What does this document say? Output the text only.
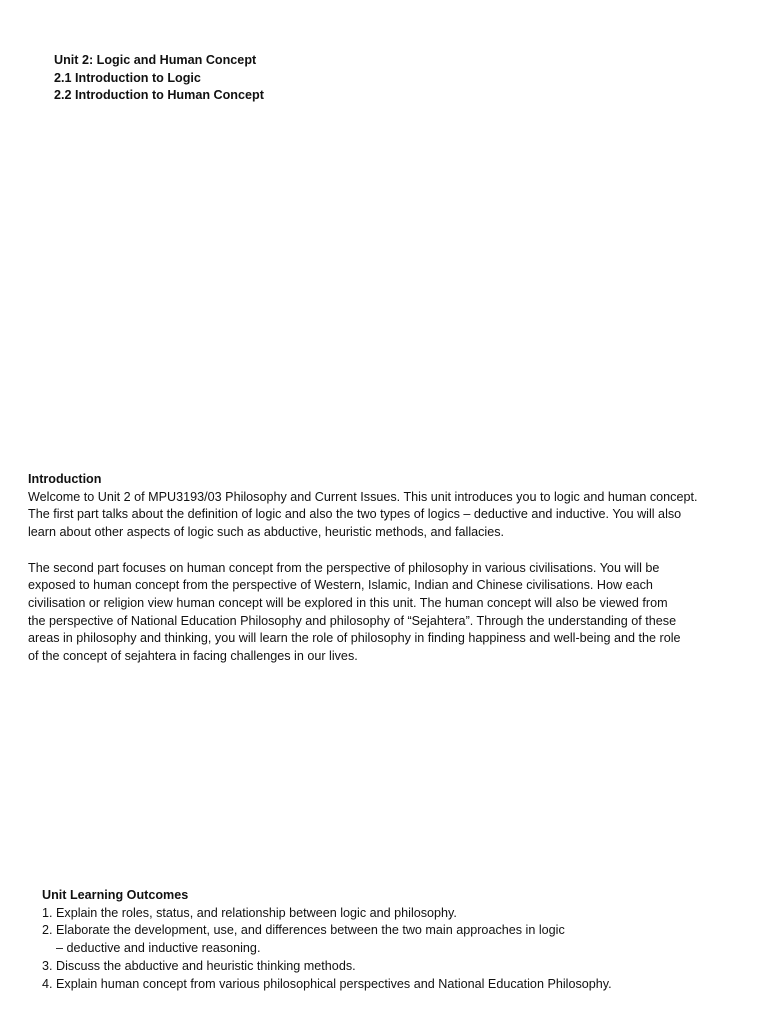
Unit 2: Logic and Human Concept
2.1 Introduction to Logic
2.2 Introduction to Human Concept
Introduction
Welcome to Unit 2 of MPU3193/03 Philosophy and Current Issues. This unit introduces you to logic and human concept.
The first part talks about the definition of logic and also the two types of logics – deductive and inductive. You will also
learn about other aspects of logic such as abductive, heuristic methods, and fallacies.
The second part focuses on human concept from the perspective of philosophy in various civilisations. You will be
exposed to human concept from the perspective of Western, Islamic, Indian and Chinese civilisations. How each
civilisation or religion view human concept will be explored in this unit. The human concept will also be viewed from
the perspective of National Education Philosophy and philosophy of “Sejahtera”. Through the understanding of these
areas in philosophy and thinking, you will learn the role of philosophy in finding happiness and well-being and the role
of the concept of sejahtera in facing challenges in our lives.
Unit Learning Outcomes
1. Explain the roles, status, and relationship between logic and philosophy.
2. Elaborate the development, use, and differences between the two main approaches in logic
– deductive and inductive reasoning.
3. Discuss the abductive and heuristic thinking methods.
4. Explain human concept from various philosophical perspectives and National Education Philosophy.
